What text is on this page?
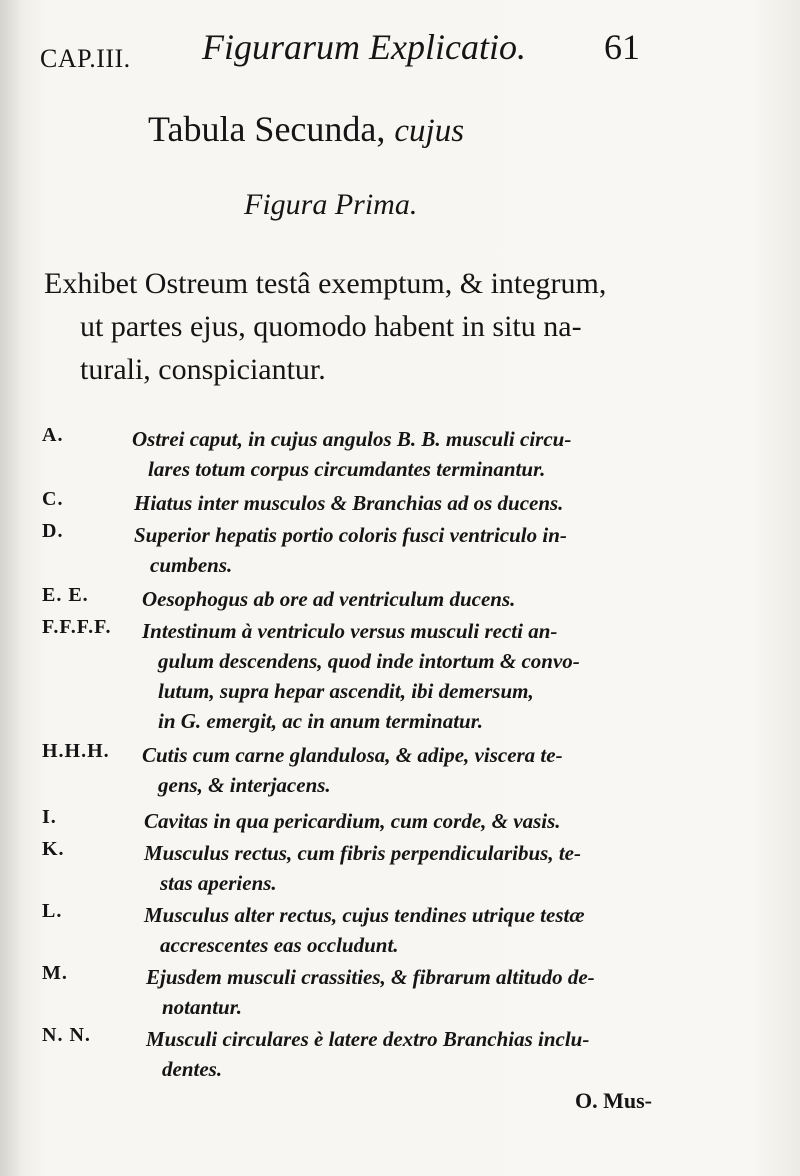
CAP.III. Figurarum Explicatio. 61
Tabula Secunda, cujus
Figura Prima.
Exhibet Ostreum testâ exemptum, & integrum,
ut partes ejus, quomodo habent in situ na-
turali, conspiciantur.
A.	Ostrei caput, in cujus angulos B. B. musculi circu-
lares totum corpus circumdantes terminantur.
C.	Hiatus inter musculos & Branchias ad os ducens.
D.	Superior hepatis portio coloris fusci ventriculo in-
cumbens.
E. E.	Oesophogus ab ore ad ventriculum ducens.
F.F.F.F. Intestinum à ventriculo versus musculi recti an-
gulum descendens, quod inde intortum & convo-
lutum, supra hepar ascendit, ibi demersum,
in G. emergit, ac in anum terminatur.
H.H.H. Cutis cum carne glandulosa, & adipe, viscera te-
gens, & interjacens.
I.	Cavitas in qua pericardium, cum corde, & vasis.
K.	Musculus rectus, cum fibris perpendicularibus, te-
stas aperiens.
L.	Musculus alter rectus, cujus tendines utrique testæ
accrescentes eas occludunt.
M.	Ejusdem musculi crassities, & fibrarum altitudo de-
notantur.
N. N.	Musculi circulares è latere dextro Branchias inclu-
dentes.
O. Mus-
